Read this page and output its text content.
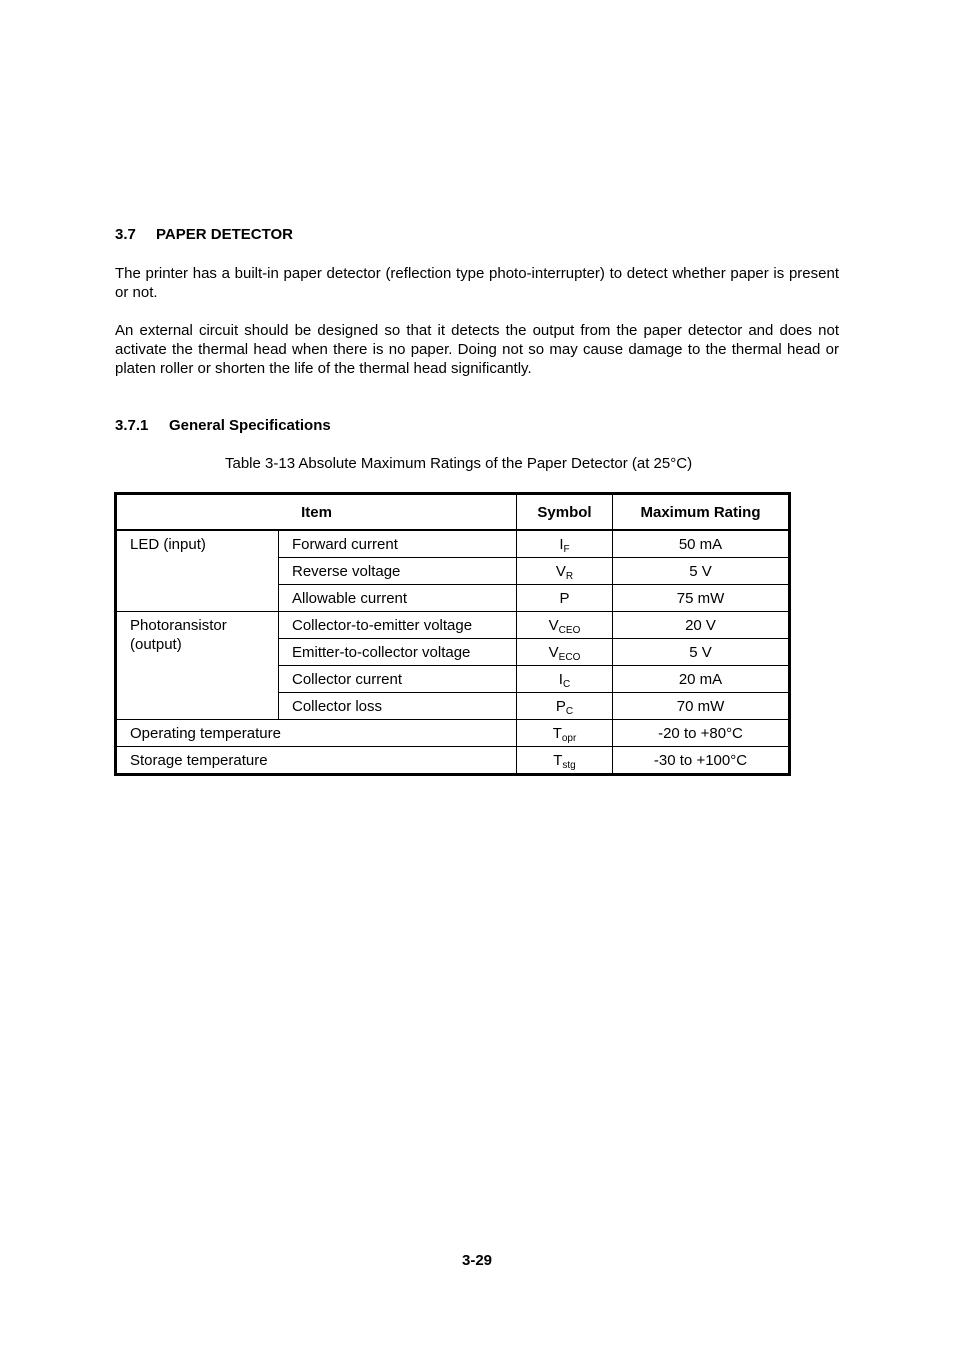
3.7 PAPER DETECTOR
The printer has a built-in paper detector (reflection type photo-interrupter) to detect whether paper is present or not.
An external circuit should be designed so that it detects the output from the paper detector and does not activate the thermal head when there is no paper. Doing not so may cause damage to the thermal head or platen roller or shorten the life of the thermal head significantly.
3.7.1 General Specifications
Table 3-13 Absolute Maximum Ratings of the Paper Detector (at 25°C)
Item		Symbol	Maximum Rating
LED (input)	Forward current	$I_F$	50 mA
	Reverse voltage	$V_R$	5 V
	Allowable current	P	75 mW

Photoransistor (output)	Collector-to-emitter voltage	$V_{CEO}$	20 V
	Emitter-to-collector voltage	$V_{ECO}$	5 V
	Collector current	$I_C$	20 mA
	Collector loss	$P_C$	70 mW
Operating temperature		$T_{opr}$	-20 to +80°C
Storage temperature		$T_{stg}$	-30 to +100°C
3-29
